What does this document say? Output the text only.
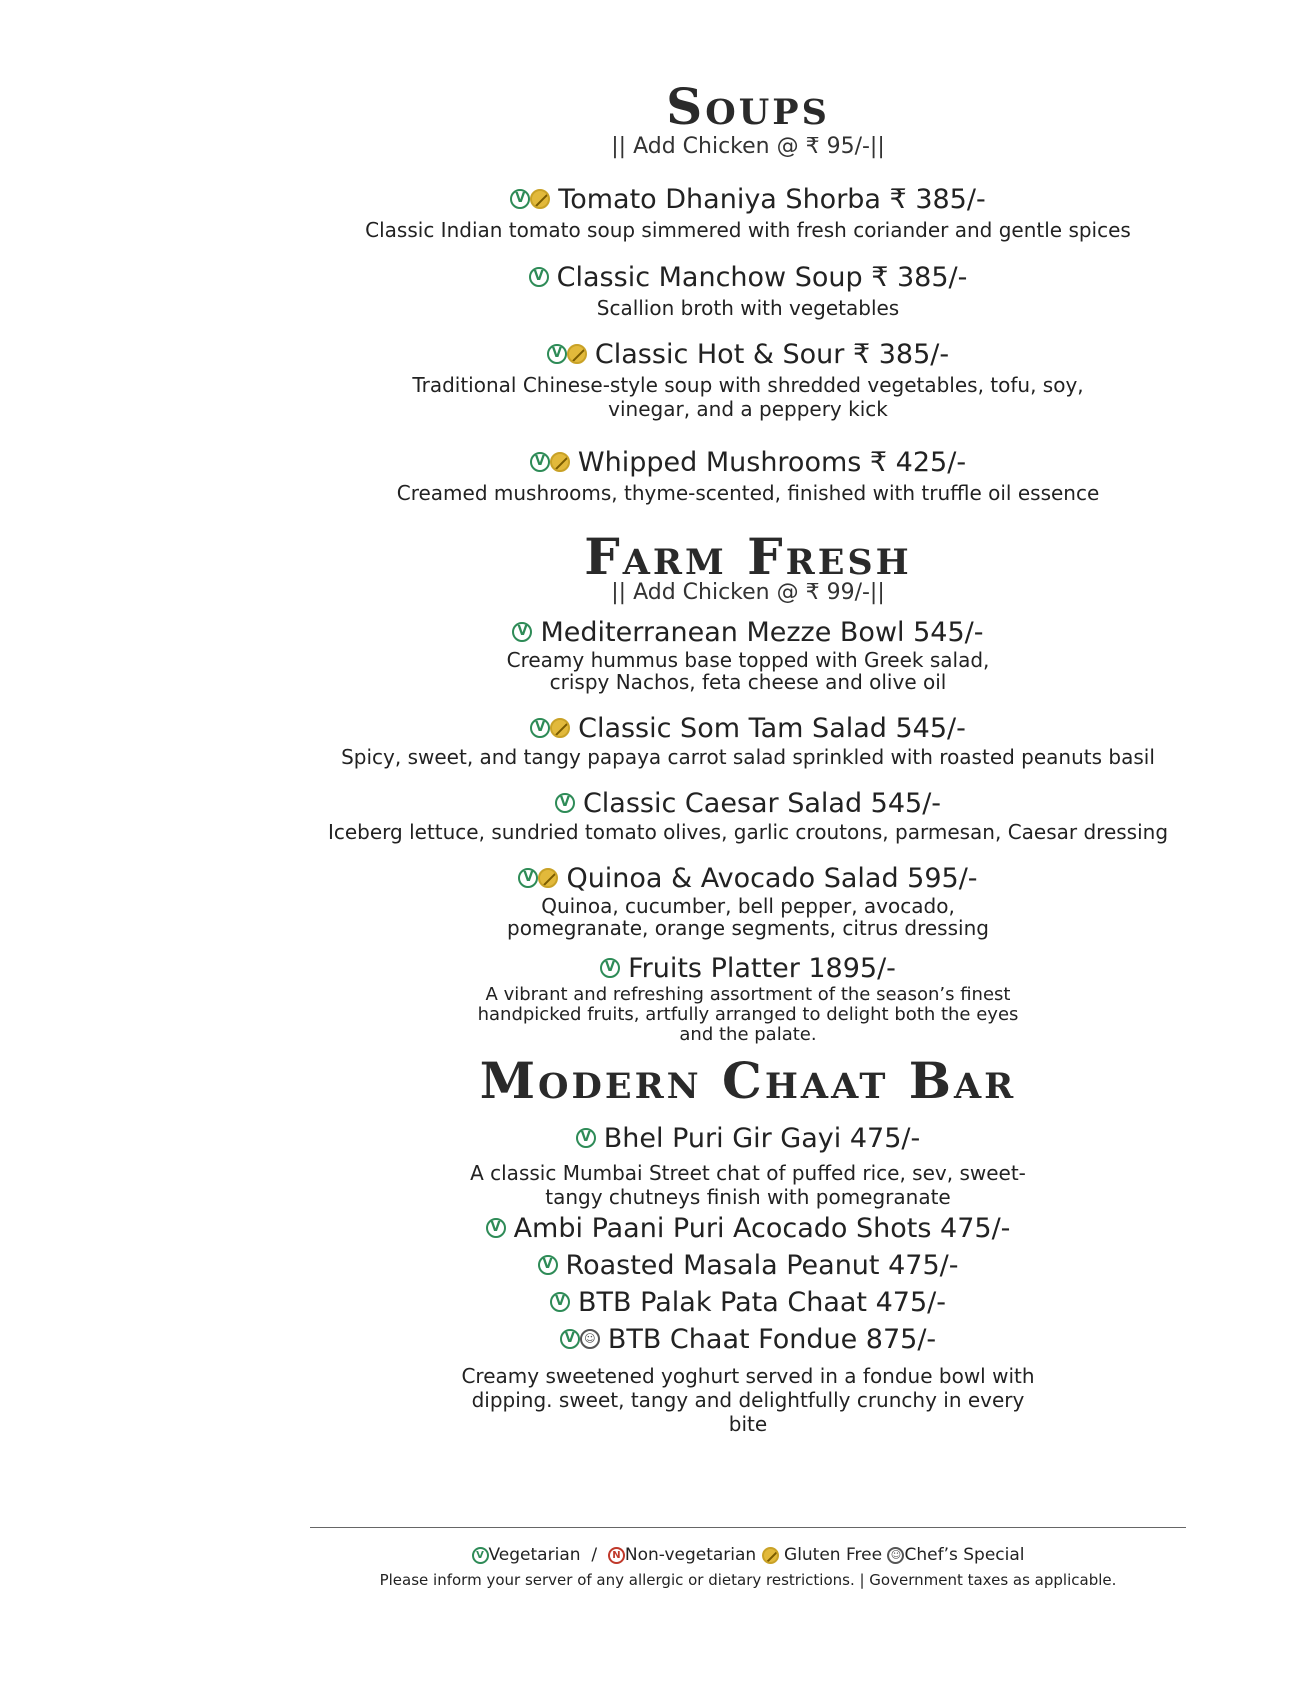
Soups
|| Add Chicken @ ₹ 95/-||
V Tomato Dhaniya Shorba ₹ 385/-
Classic Indian tomato soup simmered with fresh coriander and gentle spices
V Classic Manchow Soup ₹ 385/-
Scallion broth with vegetables
V Classic Hot & Sour ₹ 385/-
Traditional Chinese-style soup with shredded vegetables, tofu, soy, vinegar, and a peppery kick
V Whipped Mushrooms ₹ 425/-
Creamed mushrooms, thyme-scented, finished with truffle oil essence
Farm Fresh
|| Add Chicken @ ₹ 99/-||
V Mediterranean Mezze Bowl 545/-
Creamy hummus base topped with Greek salad, crispy Nachos, feta cheese and olive oil
V Classic Som Tam Salad 545/-
Spicy, sweet, and tangy papaya carrot salad sprinkled with roasted peanuts basil
V Classic Caesar Salad 545/-
Iceberg lettuce, sundried tomato olives, garlic croutons, parmesan, Caesar dressing
V Quinoa & Avocado Salad 595/-
Quinoa, cucumber, bell pepper, avocado, pomegranate, orange segments, citrus dressing
V Fruits Platter 1895/-
A vibrant and refreshing assortment of the season’s finest handpicked fruits, artfully arranged to delight both the eyes and the palate.
Modern Chaat Bar
V Bhel Puri Gir Gayi 475/-
A classic Mumbai Street chat of puffed rice, sev, sweet-tangy chutneys finish with pomegranate
V Ambi Paani Puri Acocado Shots 475/-
V Roasted Masala Peanut 475/-
V BTB Palak Pata Chaat 475/-
V ☺ BTB Chaat Fondue 875/-
Creamy sweetened yoghurt served in a fondue bowl with dipping. sweet, tangy and delightfully crunchy in every bite
V Vegetarian / N Non-vegetarian Gluten Free ☺ Chef’s Special
Please inform your server of any allergic or dietary restrictions. | Government taxes as applicable.
